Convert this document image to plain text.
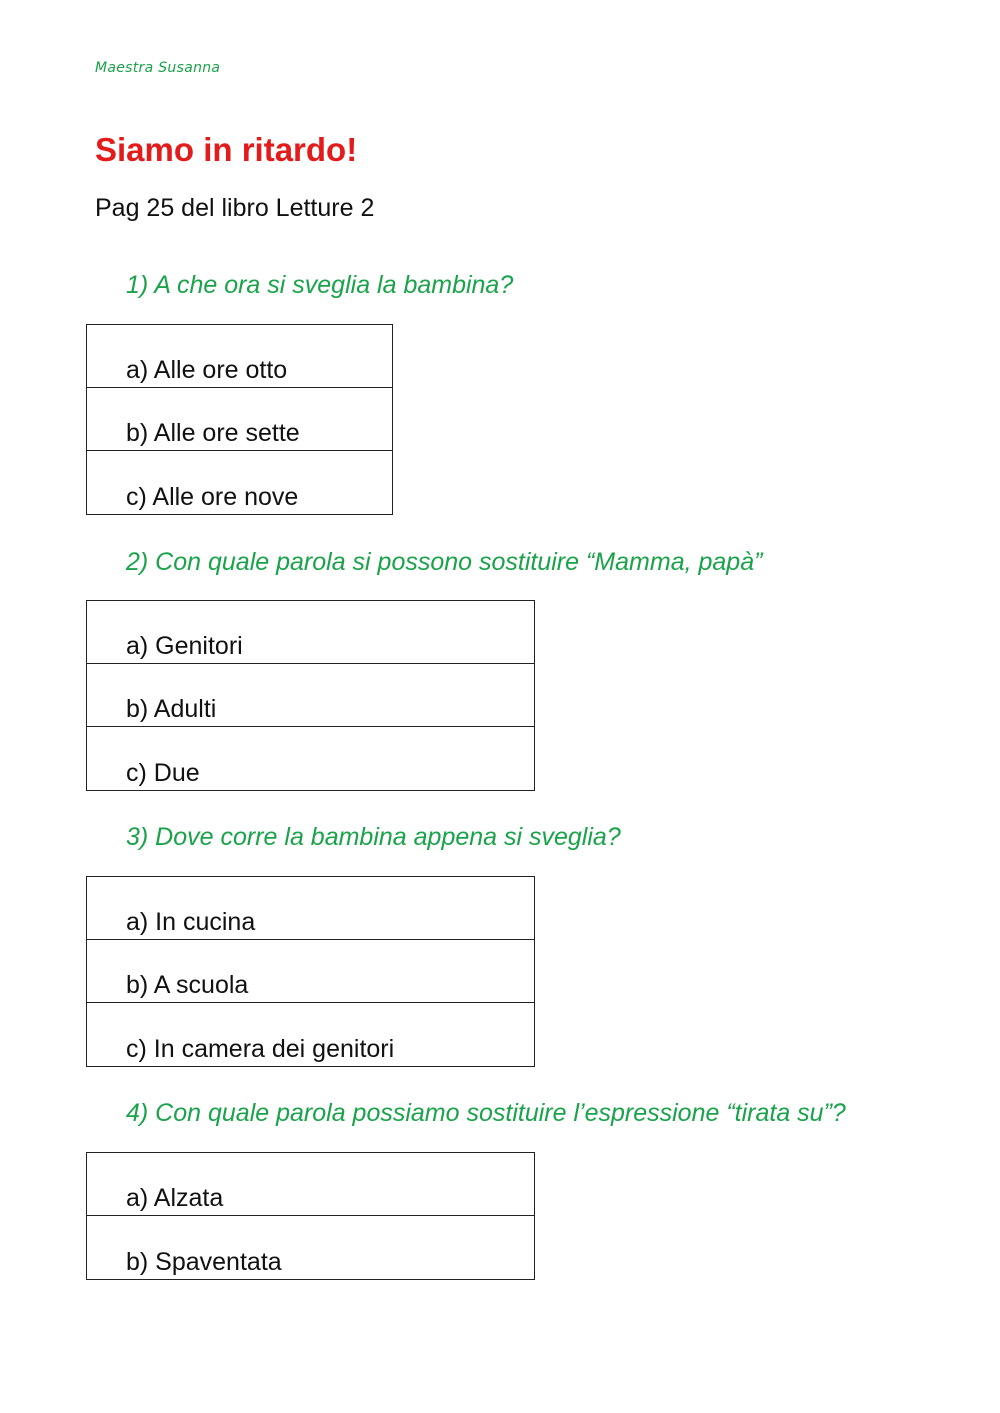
Maestra Susanna
Siamo in ritardo!
Pag 25 del libro Letture 2
1) A che ora si sveglia la bambina?
a) Alle ore otto
b) Alle ore sette
c) Alle ore nove
2) Con quale parola si possono sostituire “Mamma, papà”
a) Genitori
b) Adulti
c) Due
3) Dove corre la bambina appena si sveglia?
a) In cucina
b) A scuola
c) In camera dei genitori
4) Con quale parola possiamo sostituire l’espressione “tirata su”?
a) Alzata
b) Spaventata
